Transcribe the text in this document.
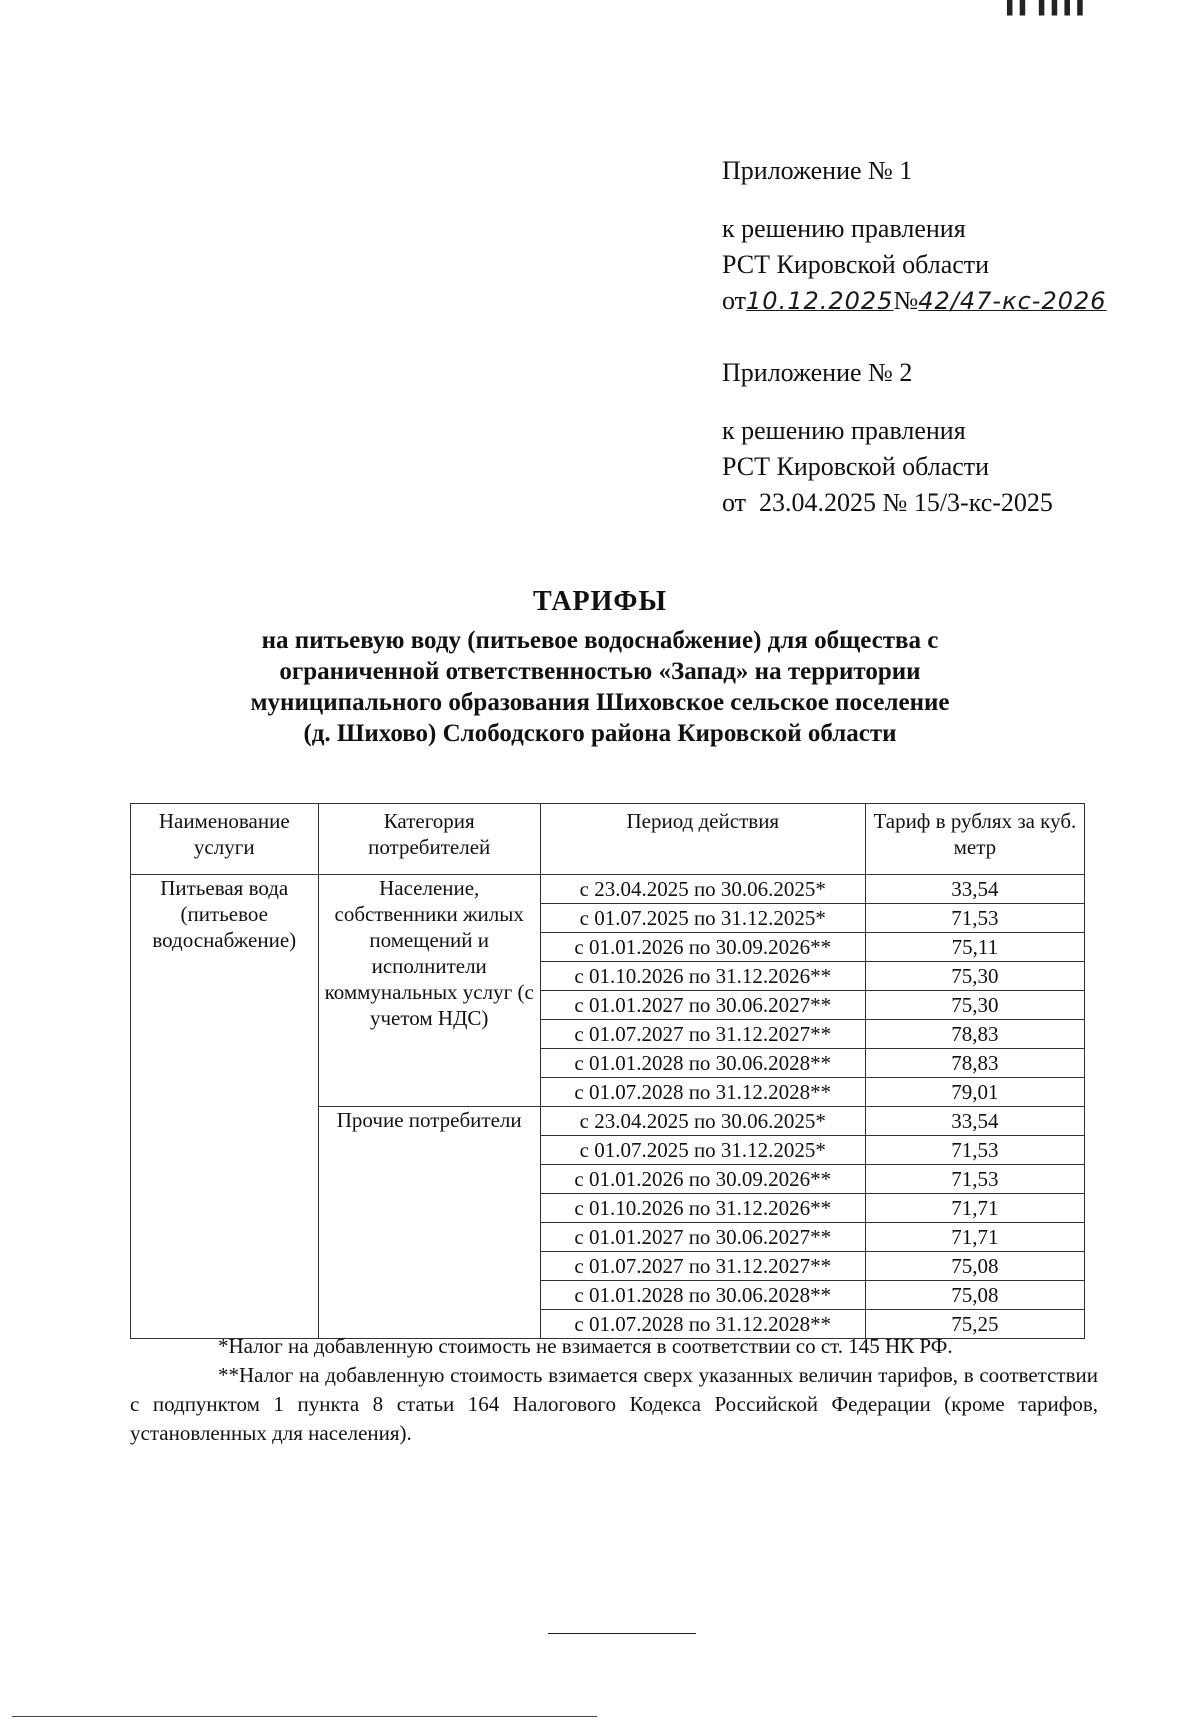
▌▌ ▌▌▌▌
Приложение № 1
к решению правления
РСТ Кировской области
от10.12.2025№42/47-кс-2026
Приложение № 2
к решению правления
РСТ Кировской области
от  23.04.2025 № 15/3-кс-2025
ТАРИФЫ
на питьевую воду (питьевое водоснабжение) для общества с
ограниченной ответственностью «Запад» на территории
муниципального образования Шиховское сельское поселение
(д. Шихово) Слободского района Кировской области
Наименование услуги	Категория потребителей	Период действия	Тариф в рублях за куб. метр
Питьевая вода (питьевое водоснабжение)	Население, собственники жилых помещений и исполнители коммунальных услуг (с учетом НДС)	с 23.04.2025 по 30.06.2025*	33,54
		с 01.07.2025 по 31.12.2025*	71,53
		с 01.01.2026 по 30.09.2026**	75,11
		с 01.10.2026 по 31.12.2026**	75,30
		с 01.01.2027 по 30.06.2027**	75,30
		с 01.07.2027 по 31.12.2027**	78,83
		с 01.01.2028 по 30.06.2028**	78,83
		с 01.07.2028 по 31.12.2028**	79,01
	Прочие потребители	с 23.04.2025 по 30.06.2025*	33,54
		с 01.07.2025 по 31.12.2025*	71,53
		с 01.01.2026 по 30.09.2026**	71,53
		с 01.10.2026 по 31.12.2026**	71,71
		с 01.01.2027 по 30.06.2027**	71,71
		с 01.07.2027 по 31.12.2027**	75,08
		с 01.01.2028 по 30.06.2028**	75,08
		с 01.07.2028 по 31.12.2028**	75,25

*Налог на добавленную стоимость не взимается в соответствии со ст. 145 НК РФ.

**Налог на добавленную стоимость взимается сверх указанных величин тарифов, в соответствии с подпунктом 1 пункта 8 статьи 164 Налогового Кодекса Российской Федерации (кроме тарифов, установленных для населения).
